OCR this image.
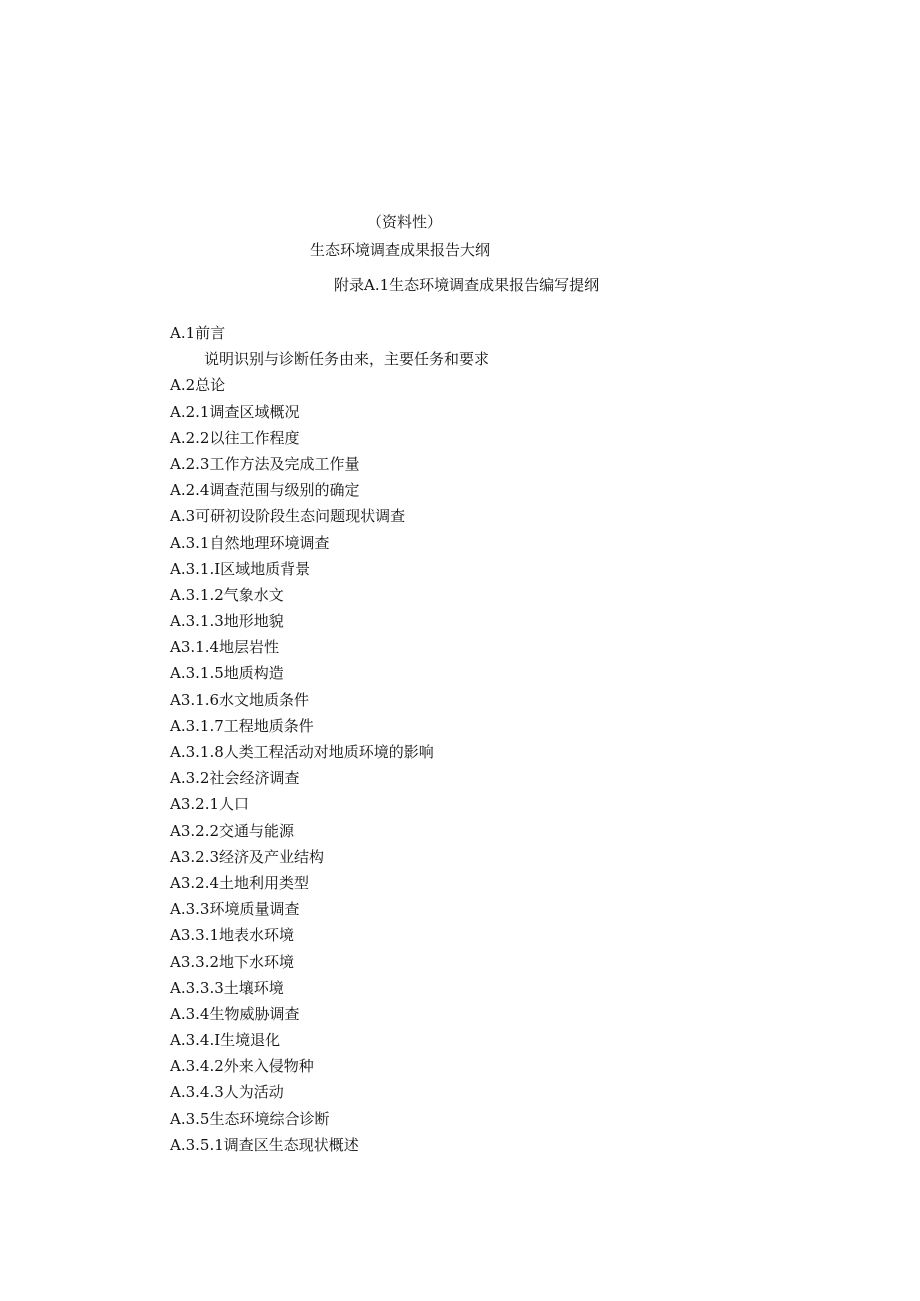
（资料性）
生态环境调查成果报告大纲
附录A.1生态环境调查成果报告编写提纲
A.1前言
说明识别与诊断任务由来，主要任务和要求
A.2总论
A.2.1调查区域概况
A.2.2以往工作程度
A.2.3工作方法及完成工作量
A.2.4调查范围与级别的确定
A.3可研初设阶段生态问题现状调查
A.3.1自然地理环境调查
A.3.1.I区域地质背景
A.3.1.2气象水文
A.3.1.3地形地貌
A3.1.4地层岩性
A.3.1.5地质构造
A3.1.6水文地质条件
A.3.1.7工程地质条件
A.3.1.8人类工程活动对地质环境的影响
A.3.2社会经济调查
A3.2.1人口
A3.2.2交通与能源
A3.2.3经济及产业结构
A3.2.4土地利用类型
A.3.3环境质量调查
A3.3.1地表水环境
A3.3.2地下水环境
A.3.3.3土壤环境
A.3.4生物威胁调查
A.3.4.I生境退化
A.3.4.2外来入侵物种
A.3.4.3人为活动
A.3.5生态环境综合诊断
A.3.5.1调查区生态现状概述
